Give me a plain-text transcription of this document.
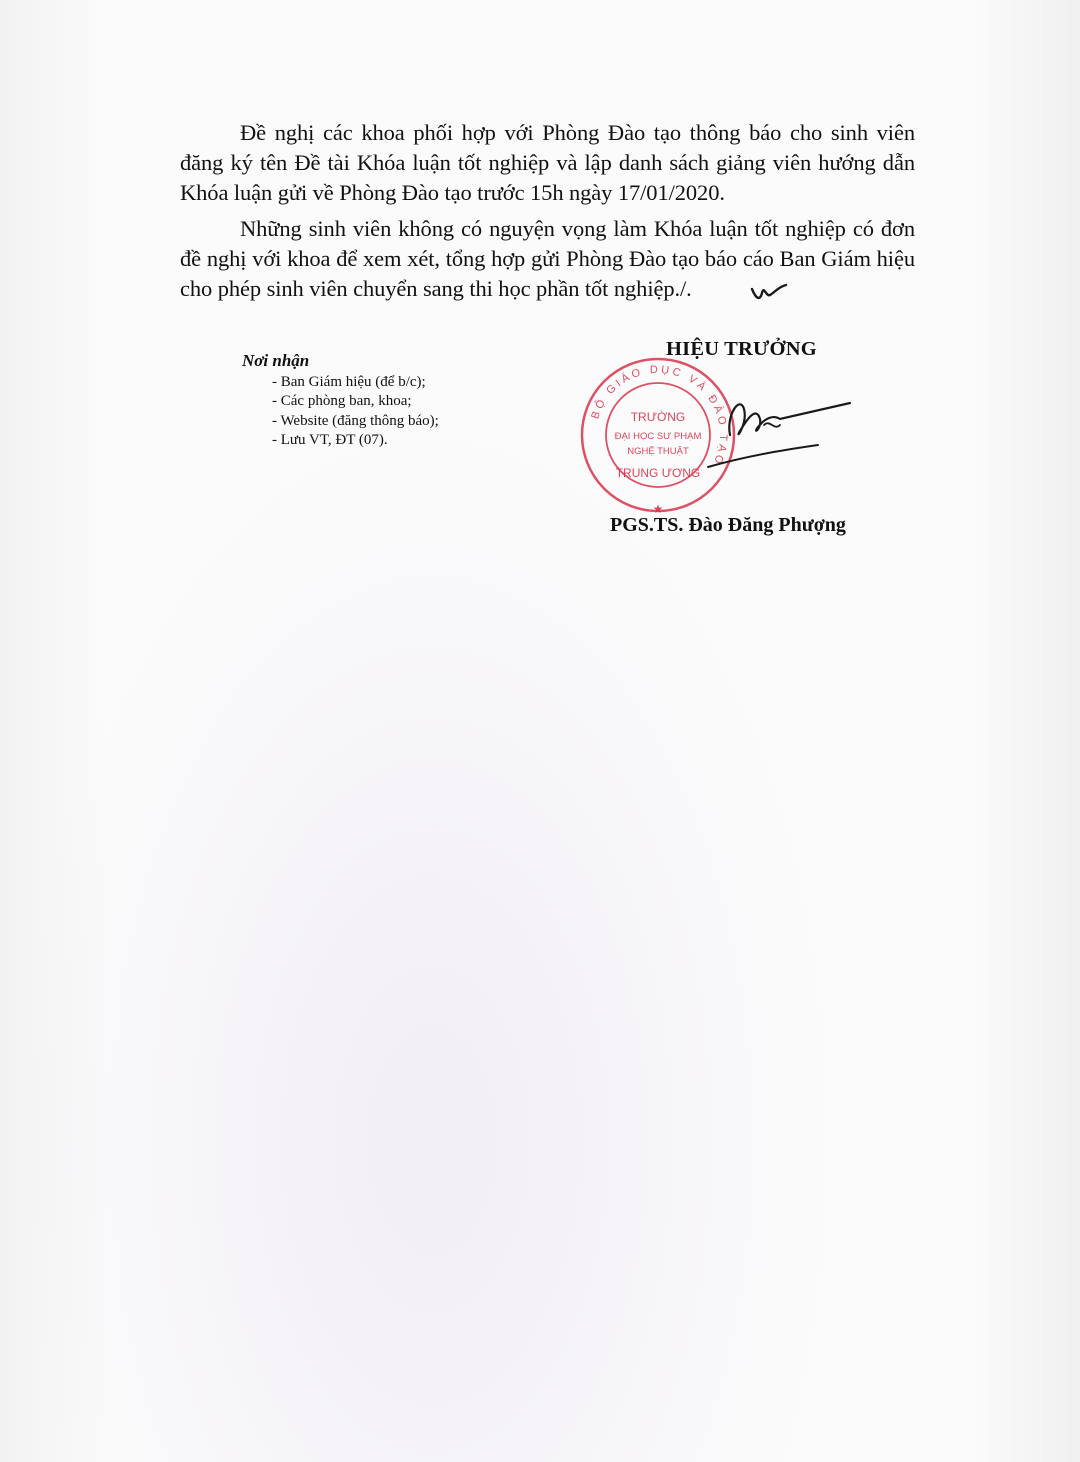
Đề nghị các khoa phối hợp với Phòng Đào tạo thông báo cho sinh viên đăng ký tên Đề tài Khóa luận tốt nghiệp và lập danh sách giảng viên hướng dẫn Khóa luận gửi về Phòng Đào tạo trước 15h ngày 17/01/2020.

Những sinh viên không có nguyện vọng làm Khóa luận tốt nghiệp có đơn đề nghị với khoa để xem xét, tổng hợp gửi Phòng Đào tạo báo cáo Ban Giám hiệu cho phép sinh viên chuyển sang thi học phần tốt nghiệp./.

Nơi nhận
- Ban Giám hiệu (để b/c);
- Các phòng ban, khoa;
- Website (đăng thông báo);
- Lưu VT, ĐT (07).
BỘ GIÁO DỤC VÀ ĐÀO TẠO
TRƯỜNG
ĐẠI HỌC SƯ PHẠM
NGHỆ THUẬT
TRUNG ƯƠNG
★
HIỆU TRƯỞNG
PGS.TS. Đào Đăng Phượng
